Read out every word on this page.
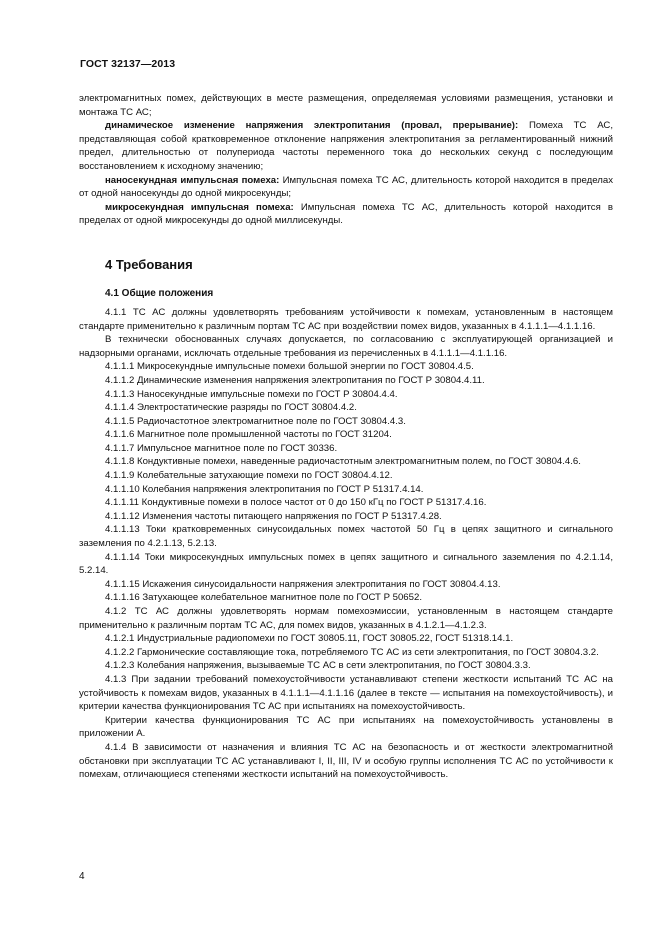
ГОСТ 32137—2013

электромагнитных помех, действующих в месте размещения, определяемая условиями размещения, установки и монтажа ТС АС;

динамическое изменение напряжения электропитания (провал, прерывание): Помеха ТС АС, представляющая собой кратковременное отклонение напряжения электропитания за регламентированный нижний предел, длительностью от полупериода частоты переменного тока до нескольких секунд с последующим восстановлением к исходному значению;

наносекундная импульсная помеха: Импульсная помеха ТС АС, длительность которой находится в пределах от одной наносекунды до одной микросекунды;

микросекундная импульсная помеха: Импульсная помеха ТС АС, длительность которой находится в пределах от одной микросекунды до одной миллисекунды.

4 Требования
4.1 Общие положения

4.1.1 ТС АС должны удовлетворять требованиям устойчивости к помехам, установленным в настоящем стандарте применительно к различным портам ТС АС при воздействии помех видов, указанных в 4.1.1.1—4.1.1.16.

В технически обоснованных случаях допускается, по согласованию с эксплуатирующей организацией и надзорными органами, исключать отдельные требования из перечисленных в 4.1.1.1—4.1.1.16.

4.1.1.1 Микросекундные импульсные помехи большой энергии по ГОСТ 30804.4.5.

4.1.1.2 Динамические изменения напряжения электропитания по ГОСТ Р 30804.4.11.

4.1.1.3 Наносекундные импульсные помехи по ГОСТ Р 30804.4.4.

4.1.1.4 Электростатические разряды по ГОСТ 30804.4.2.

4.1.1.5 Радиочастотное электромагнитное поле по ГОСТ 30804.4.3.

4.1.1.6 Магнитное поле промышленной частоты по ГОСТ 31204.

4.1.1.7 Импульсное магнитное поле по ГОСТ 30336.

4.1.1.8 Кондуктивные помехи, наведенные радиочастотным электромагнитным полем, по ГОСТ 30804.4.6.

4.1.1.9 Колебательные затухающие помехи по ГОСТ 30804.4.12.

4.1.1.10 Колебания напряжения электропитания по ГОСТ Р 51317.4.14.

4.1.1.11 Кондуктивные помехи в полосе частот от 0 до 150 кГц по ГОСТ Р 51317.4.16.

4.1.1.12 Изменения частоты питающего напряжения по ГОСТ Р 51317.4.28.

4.1.1.13 Токи кратковременных синусоидальных помех частотой 50 Гц в цепях защитного и сигнального заземления по 4.2.1.13, 5.2.13.

4.1.1.14 Токи микросекундных импульсных помех в цепях защитного и сигнального заземления по 4.2.1.14, 5.2.14.

4.1.1.15 Искажения синусоидальности напряжения электропитания по ГОСТ 30804.4.13.

4.1.1.16 Затухающее колебательное магнитное поле по ГОСТ Р 50652.

4.1.2 ТС АС должны удовлетворять нормам помехоэмиссии, установленным в настоящем стандарте применительно к различным портам ТС АС, для помех видов, указанных в 4.1.2.1—4.1.2.3.

4.1.2.1 Индустриальные радиопомехи по ГОСТ 30805.11, ГОСТ 30805.22, ГОСТ 51318.14.1.

4.1.2.2 Гармонические составляющие тока, потребляемого ТС АС из сети электропитания, по ГОСТ 30804.3.2.

4.1.2.3 Колебания напряжения, вызываемые ТС АС в сети электропитания, по ГОСТ 30804.3.3.

4.1.3 При задании требований помехоустойчивости устанавливают степени жесткости испытаний ТС АС на устойчивость к помехам видов, указанных в 4.1.1.1—4.1.1.16 (далее в тексте — испытания на помехоустойчивость), и критерии качества функционирования ТС АС при испытаниях на помехоустойчивость.

Критерии качества функционирования ТС АС при испытаниях на помехоустойчивость установлены в приложении А.

4.1.4 В зависимости от назначения и влияния ТС АС на безопасность и от жесткости электромагнитной обстановки при эксплуатации ТС АС устанавливают I, II, III, IV и особую группы исполнения ТС АС по устойчивости к помехам, отличающиеся степенями жесткости испытаний на помехоустойчивость.

4
